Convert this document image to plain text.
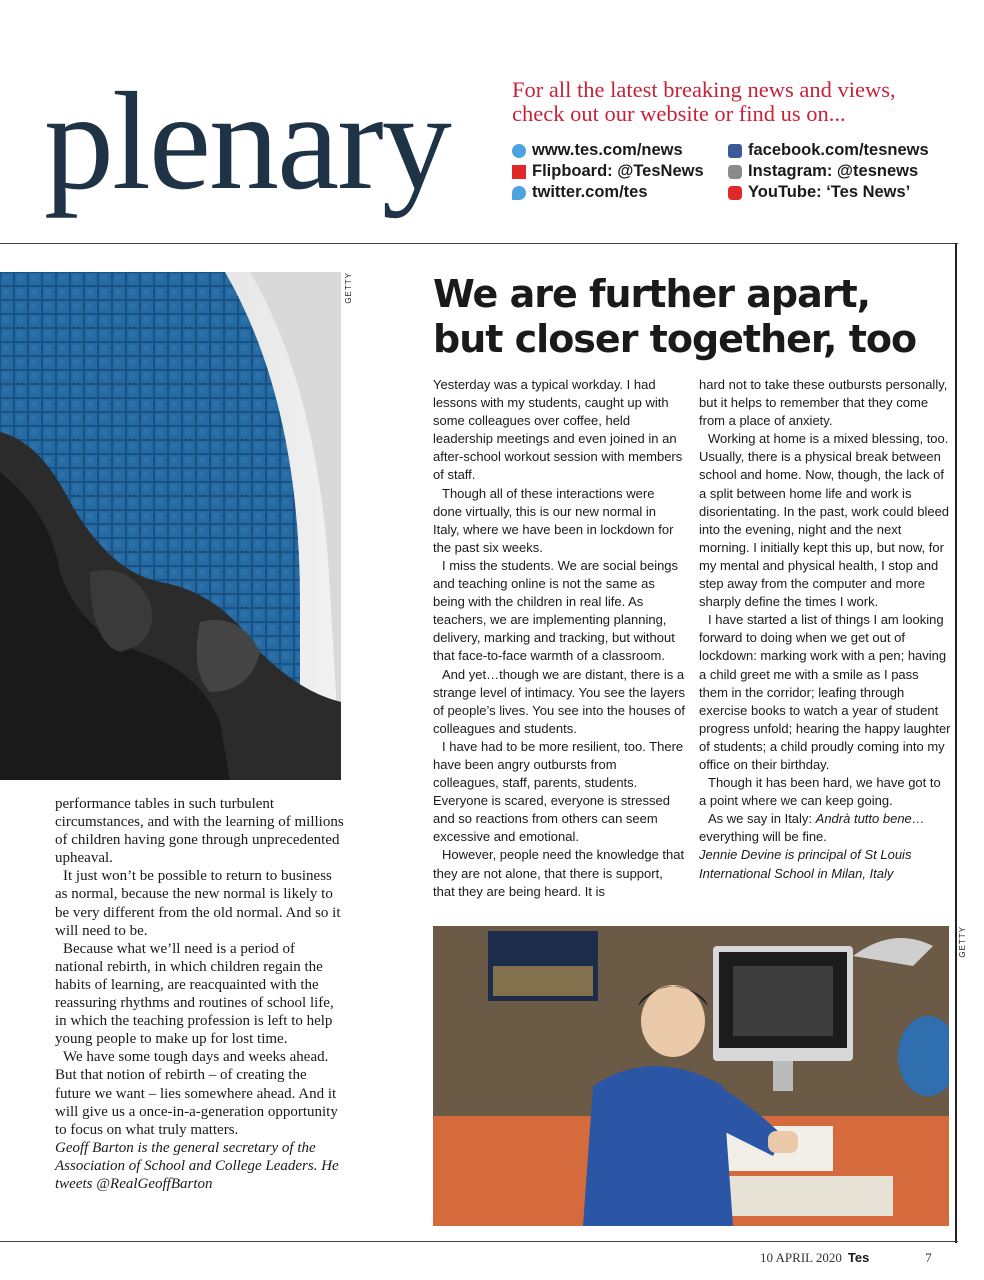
plenary	For all the latest breaking news and views,
check out our website or find us on...
www.tes.com/news	facebook.com/tesnews
Flipboard: @TesNews	Instagram: @tesnews
twitter.com/tes	YouTube: ‘Tes News’
GETTY

performance tables in such turbulent circumstances, and with the learning of millions of children having gone through unprecedented upheaval.

It just won’t be possible to return to business as normal, because the new normal is likely to be very different from the old normal. And so it will need to be.

Because what we’ll need is a period of national rebirth, in which children regain the habits of learning, are reacquainted with the reassuring rhythms and routines of school life, in which the teaching profession is left to help young people to make up for lost time.

We have some tough days and weeks ahead. But that notion of rebirth – of creating the future we want – lies somewhere ahead. And it will give us a once-in-a-generation opportunity to focus on what truly matters.

Geoff Barton is the general secretary of the Association of School and College Leaders. He tweets @RealGeoffBarton

We are further apart,
but closer together, too

Yesterday was a typical workday. I had lessons with my students, caught up with some colleagues over coffee, held leadership meetings and even joined in an after-school workout session with members of staff.

Though all of these interactions were done virtually, this is our new normal in Italy, where we have been in lockdown for the past six weeks.

I miss the students. We are social beings and teaching online is not the same as being with the children in real life. As teachers, we are implementing planning, delivery, marking and tracking, but without that face-to-face warmth of a classroom.

And yet…though we are distant, there is a strange level of intimacy. You see the layers of people’s lives. You see into the houses of colleagues and students.

I have had to be more resilient, too. There have been angry outbursts from colleagues, staff, parents, students. Everyone is scared, everyone is stressed and so reactions from others can seem excessive and emotional.

However, people need the knowledge that they are not alone, that there is support, that they are being heard. It is

hard not to take these outbursts personally, but it helps to remember that they come from a place of anxiety.

Working at home is a mixed blessing, too. Usually, there is a physical break between school and home. Now, though, the lack of a split between home life and work is disorientating. In the past, work could bleed into the evening, night and the next morning. I initially kept this up, but now, for my mental and physical health, I stop and step away from the computer and more sharply define the times I work.

I have started a list of things I am looking forward to doing when we get out of lockdown: marking work with a pen; having a child greet me with a smile as I pass them in the corridor; leafing through exercise books to watch a year of student progress unfold; hearing the happy laughter of students; a child proudly coming into my office on their birthday.

Though it has been hard, we have got to a point where we can keep going.

As we say in Italy: Andrà tutto bene… everything will be fine.

Jennie Devine is principal of St Louis International School in Milan, Italy

GETTY
10 APRIL 2020 Tes	7
